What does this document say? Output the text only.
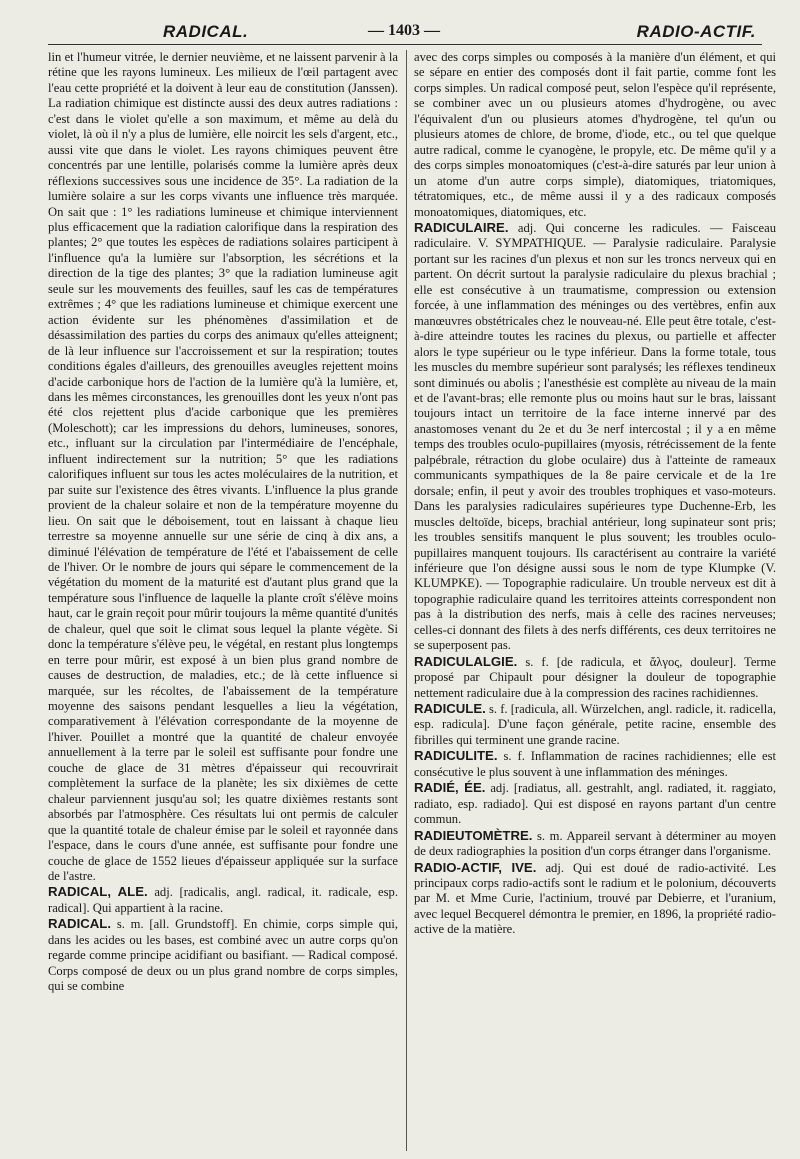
RADICAL.	— 1403 —	RADIO-ACTIF.

lin et l'humeur vitrée, le dernier neuvième, et ne laissent parvenir à la rétine que les rayons lumineux. Les milieux de l'œil partagent avec l'eau cette propriété et la doivent à leur eau de constitution (Janssen). La radiation chimique est distincte aussi des deux autres radiations : c'est dans le violet qu'elle a son maximum, et même au delà du violet, là où il n'y a plus de lumière, elle noircit les sels d'argent, etc., aussi vite que dans le violet. Les rayons chimiques peuvent être concentrés par une lentille, polarisés comme la lumière après deux réflexions successives sous une incidence de 35°. La radiation de la lumière solaire a sur les corps vivants une influence très marquée. On sait que : 1° les radiations lumineuse et chimique interviennent plus efficacement que la radiation calorifique dans la respiration des plantes; 2° que toutes les espèces de radiations solaires participent à l'influence qu'a la lumière sur l'absorption, les sécrétions et la direction de la tige des plantes; 3° que la radiation lumineuse agit seule sur les mouvements des feuilles, sauf les cas de températures extrêmes ; 4° que les radiations lumineuse et chimique exercent une action évidente sur les phénomènes d'assimilation et de désassimilation des parties du corps des animaux qu'elles atteignent; de là leur influence sur l'accroissement et sur la respiration; toutes conditions égales d'ailleurs, des grenouilles aveugles rejettent moins d'acide carbonique hors de l'action de la lumière qu'à la lumière, et, dans les mêmes circonstances, les grenouilles dont les yeux n'ont pas été clos rejettent plus d'acide carbonique que les premières (Moleschott); car les impressions du dehors, lumineuses, sonores, etc., influant sur la circulation par l'intermédiaire de l'encéphale, influent indirectement sur la nutrition; 5° que les radiations calorifiques influent sur tous les actes moléculaires de la nutrition, et par suite sur l'existence des êtres vivants. L'influence la plus grande provient de la chaleur solaire et non de la température moyenne du lieu. On sait que le déboisement, tout en laissant à chaque lieu terrestre sa moyenne annuelle sur une série de cinq à dix ans, a diminué l'élévation de température de l'été et l'abaissement de celle de l'hiver. Or le nombre de jours qui sépare le commencement de la végétation du moment de la maturité est d'autant plus grand que la température sous l'influence de laquelle la plante croît s'élève moins haut, car le grain reçoit pour mûrir toujours la même quantité d'unités de chaleur, quel que soit le climat sous lequel la plante végète. Si donc la température s'élève peu, le végétal, en restant plus longtemps en terre pour mûrir, est exposé à un bien plus grand nombre de causes de destruction, de maladies, etc.; de là cette influence si marquée, sur les récoltes, de l'abaissement de la température moyenne des saisons pendant lesquelles a lieu la végétation, comparativement à l'élévation correspondante de la moyenne de l'hiver. Pouillet a montré que la quantité de chaleur envoyée annuellement à la terre par le soleil est suffisante pour fondre une couche de glace de 31 mètres d'épaisseur qui recouvrirait complètement la surface de la planète; les six dixièmes de cette chaleur parviennent jusqu'au sol; les quatre dixièmes restants sont absorbés par l'atmosphère. Ces résultats lui ont permis de calculer que la quantité totale de chaleur émise par le soleil et rayonnée dans l'espace, dans le cours d'une année, est suffisante pour fondre une couche de glace de 1552 lieues d'épaisseur appliquée sur la surface de l'astre.

RADICAL, ALE. adj. [radicalis, angl. radical, it. radicale, esp. radical]. Qui appartient à la racine.

RADICAL. s. m. [all. Grundstoff]. En chimie, corps simple qui, dans les acides ou les bases, est combiné avec un autre corps qu'on regarde comme principe acidifiant ou basifiant. — Radical composé. Corps composé de deux ou un plus grand nombre de corps simples, qui se combine

avec des corps simples ou composés à la manière d'un élément, et qui se sépare en entier des composés dont il fait partie, comme font les corps simples. Un radical composé peut, selon l'espèce qu'il représente, se combiner avec un ou plusieurs atomes d'hydrogène, ou avec l'équivalent d'un ou plusieurs atomes d'hydrogène, tel qu'un ou plusieurs atomes de chlore, de brome, d'iode, etc., ou tel que quelque autre radical, comme le cyanogène, le propyle, etc. De même qu'il y a des corps simples monoatomiques (c'est-à-dire saturés par leur union à un atome d'un autre corps simple), diatomiques, triatomiques, tétratomiques, etc., de même aussi il y a des radicaux composés monoatomiques, diatomiques, etc.

RADICULAIRE. adj. Qui concerne les radicules. — Faisceau radiculaire. V. SYMPATHIQUE. — Paralysie radiculaire. Paralysie portant sur les racines d'un plexus et non sur les troncs nerveux qui en partent. On décrit surtout la paralysie radiculaire du plexus brachial ; elle est consécutive à un traumatisme, compression ou extension forcée, à une inflammation des méninges ou des vertèbres, enfin aux manœuvres obstétricales chez le nouveau-né. Elle peut être totale, c'est-à-dire atteindre toutes les racines du plexus, ou partielle et affecter alors le type supérieur ou le type inférieur. Dans la forme totale, tous les muscles du membre supérieur sont paralysés; les réflexes tendineux sont diminués ou abolis ; l'anesthésie est complète au niveau de la main et de l'avant-bras; elle remonte plus ou moins haut sur le bras, laissant toujours intact un territoire de la face interne innervé par des anastomoses venant du 2e et du 3e nerf intercostal ; il y a en même temps des troubles oculo-pupillaires (myosis, rétrécissement de la fente palpébrale, rétraction du globe oculaire) dus à l'atteinte de rameaux communicants sympathiques de la 8e paire cervicale et de la 1re dorsale; enfin, il peut y avoir des troubles trophiques et vaso-moteurs. Dans les paralysies radiculaires supérieures type Duchenne-Erb, les muscles deltoïde, biceps, brachial antérieur, long supinateur sont pris; les troubles sensitifs manquent le plus souvent; les troubles oculo-pupillaires manquent toujours. Ils caractérisent au contraire la variété inférieure que l'on désigne aussi sous le nom de type Klumpke (V. KLUMPKE). — Topographie radiculaire. Un trouble nerveux est dit à topographie radiculaire quand les territoires atteints correspondent non pas à la distribution des nerfs, mais à celle des racines nerveuses; celles-ci donnant des filets à des nerfs différents, ces deux territoires ne se superposent pas.

RADICULALGIE. s. f. [de radicula, et ἄλγος, douleur]. Terme proposé par Chipault pour désigner la douleur de topographie nettement radiculaire due à la compression des racines rachidiennes.

RADICULE. s. f. [radicula, all. Würzelchen, angl. radicle, it. radicella, esp. radicula]. D'une façon générale, petite racine, ensemble des fibrilles qui terminent une grande racine.

RADICULITE. s. f. Inflammation de racines rachidiennes; elle est consécutive le plus souvent à une inflammation des méninges.

RADIÉ, ÉE. adj. [radiatus, all. gestrahlt, angl. radiated, it. raggiato, radiato, esp. radiado]. Qui est disposé en rayons partant d'un centre commun.

RADIEUTOMÈTRE. s. m. Appareil servant à déterminer au moyen de deux radiographies la position d'un corps étranger dans l'organisme.

RADIO-ACTIF, IVE. adj. Qui est doué de radio-activité. Les principaux corps radio-actifs sont le radium et le polonium, découverts par M. et Mme Curie, l'actinium, trouvé par Debierre, et l'uranium, avec lequel Becquerel démontra le premier, en 1896, la propriété radio-active de la matière.
